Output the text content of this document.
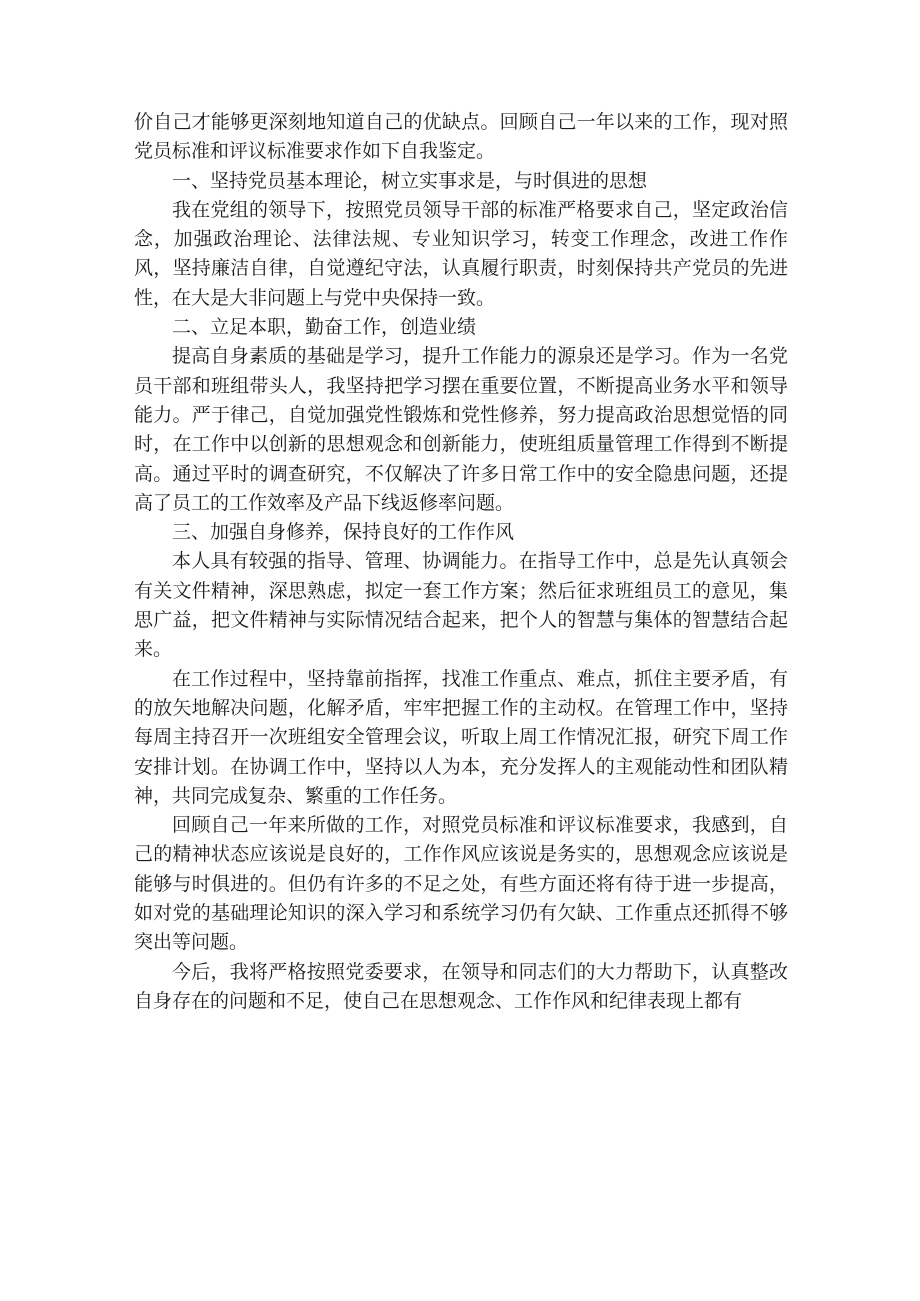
价自己才能够更深刻地知道自己的优缺点。回顾自己一年以来的工作，现对照党员标准和评议标准要求作如下自我鉴定。

一、坚持党员基本理论，树立实事求是，与时俱进的思想

我在党组的领导下，按照党员领导干部的标准严格要求自己，坚定政治信念，加强政治理论、法律法规、专业知识学习，转变工作理念，改进工作作风，坚持廉洁自律，自觉遵纪守法，认真履行职责，时刻保持共产党员的先进性，在大是大非问题上与党中央保持一致。

二、立足本职，勤奋工作，创造业绩

提高自身素质的基础是学习，提升工作能力的源泉还是学习。作为一名党员干部和班组带头人，我坚持把学习摆在重要位置，不断提高业务水平和领导能力。严于律己，自觉加强党性锻炼和党性修养，努力提高政治思想觉悟的同时，在工作中以创新的思想观念和创新能力，使班组质量管理工作得到不断提高。通过平时的调查研究，不仅解决了许多日常工作中的安全隐患问题，还提高了员工的工作效率及产品下线返修率问题。

三、加强自身修养，保持良好的工作作风

本人具有较强的指导、管理、协调能力。在指导工作中，总是先认真领会有关文件精神，深思熟虑，拟定一套工作方案；然后征求班组员工的意见，集思广益，把文件精神与实际情况结合起来，把个人的智慧与集体的智慧结合起来。

在工作过程中，坚持靠前指挥，找准工作重点、难点，抓住主要矛盾，有的放矢地解决问题，化解矛盾，牢牢把握工作的主动权。在管理工作中，坚持每周主持召开一次班组安全管理会议，听取上周工作情况汇报，研究下周工作安排计划。在协调工作中，坚持以人为本，充分发挥人的主观能动性和团队精神，共同完成复杂、繁重的工作任务。

回顾自己一年来所做的工作，对照党员标准和评议标准要求，我感到，自己的精神状态应该说是良好的，工作作风应该说是务实的，思想观念应该说是能够与时俱进的。但仍有许多的不足之处，有些方面还将有待于进一步提高，如对党的基础理论知识的深入学习和系统学习仍有欠缺、工作重点还抓得不够突出等问题。

今后，我将严格按照党委要求，在领导和同志们的大力帮助下，认真整改自身存在的问题和不足，使自己在思想观念、工作作风和纪律表现上都有
